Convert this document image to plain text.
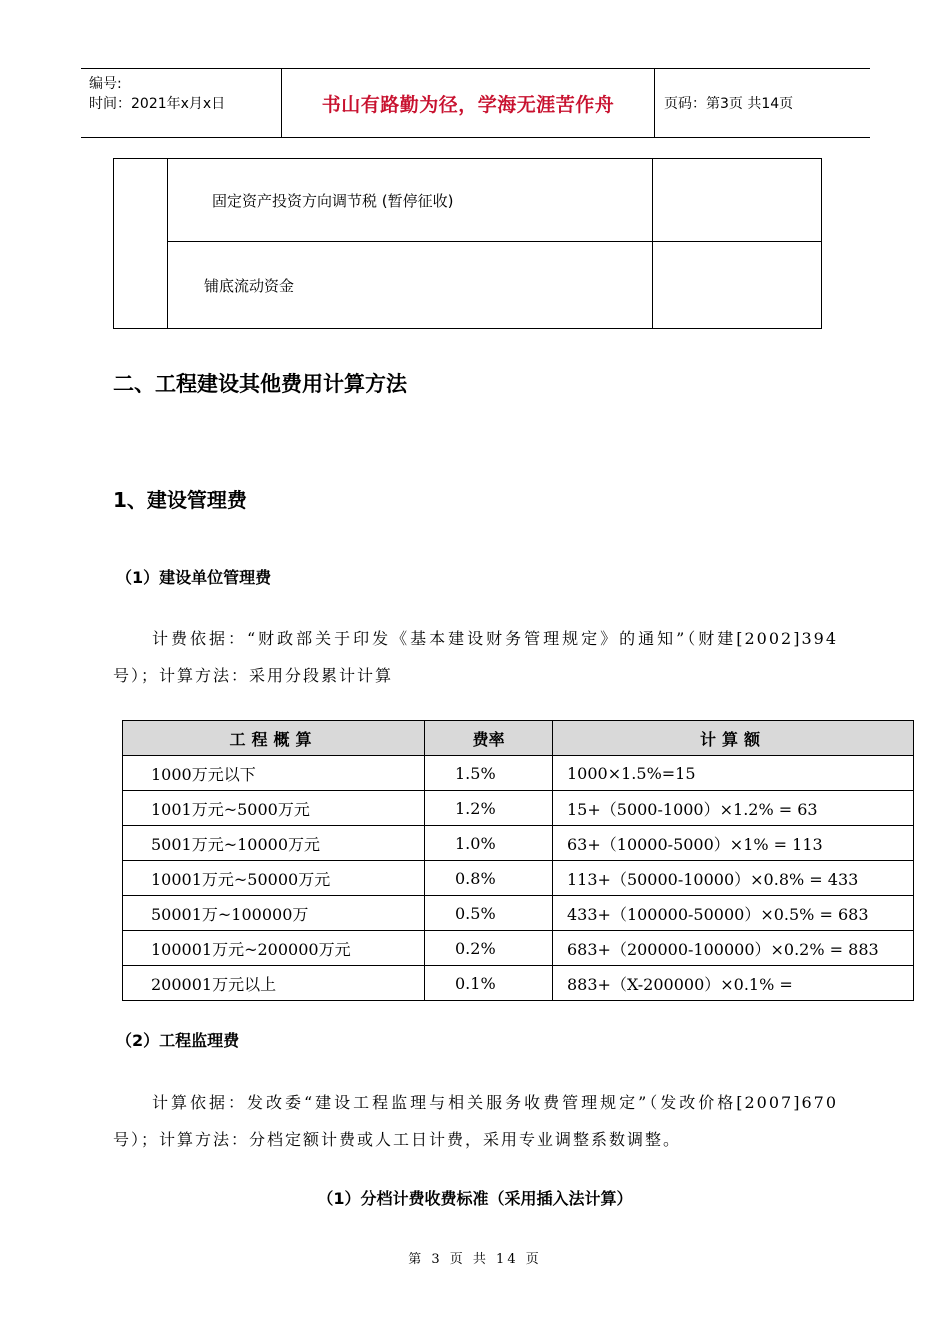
编号:
时间：2021年x月x日	书山有路勤为径，学海无涯苦作舟	页码：第3页 共14页
	固定资产投资方向调节税 (暂停征收)	
	铺底流动资金	
二、工程建设其他费用计算方法
1、建设管理费
（1）建设单位管理费
计费依据：“财政部关于印发《基本建设财务管理规定》的通知”（财建[2002]394号）；计算方法：采用分段累计计算
工程概算	费率	计算额
1000万元以下	1.5%	1000×1.5%=15
1001万元~5000万元	1.2%	15+（5000-1000）×1.2% = 63
5001万元~10000万元	1.0%	63+（10000-5000）×1% = 113
10001万元~50000万元	0.8%	113+（50000-10000）×0.8% = 433
50001万~100000万	0.5%	433+（100000-50000）×0.5% = 683
100001万元~200000万元	0.2%	683+（200000-100000）×0.2% = 883
200001万元以上	0.1%	883+（X-200000）×0.1% =
（2）工程监理费
计算依据：发改委“建设工程监理与相关服务收费管理规定”（发改价格[2007]670号）；计算方法：分档定额计费或人工日计费，采用专业调整系数调整。
（1）分档计费收费标准（采用插入法计算）
第 3 页 共 14 页
